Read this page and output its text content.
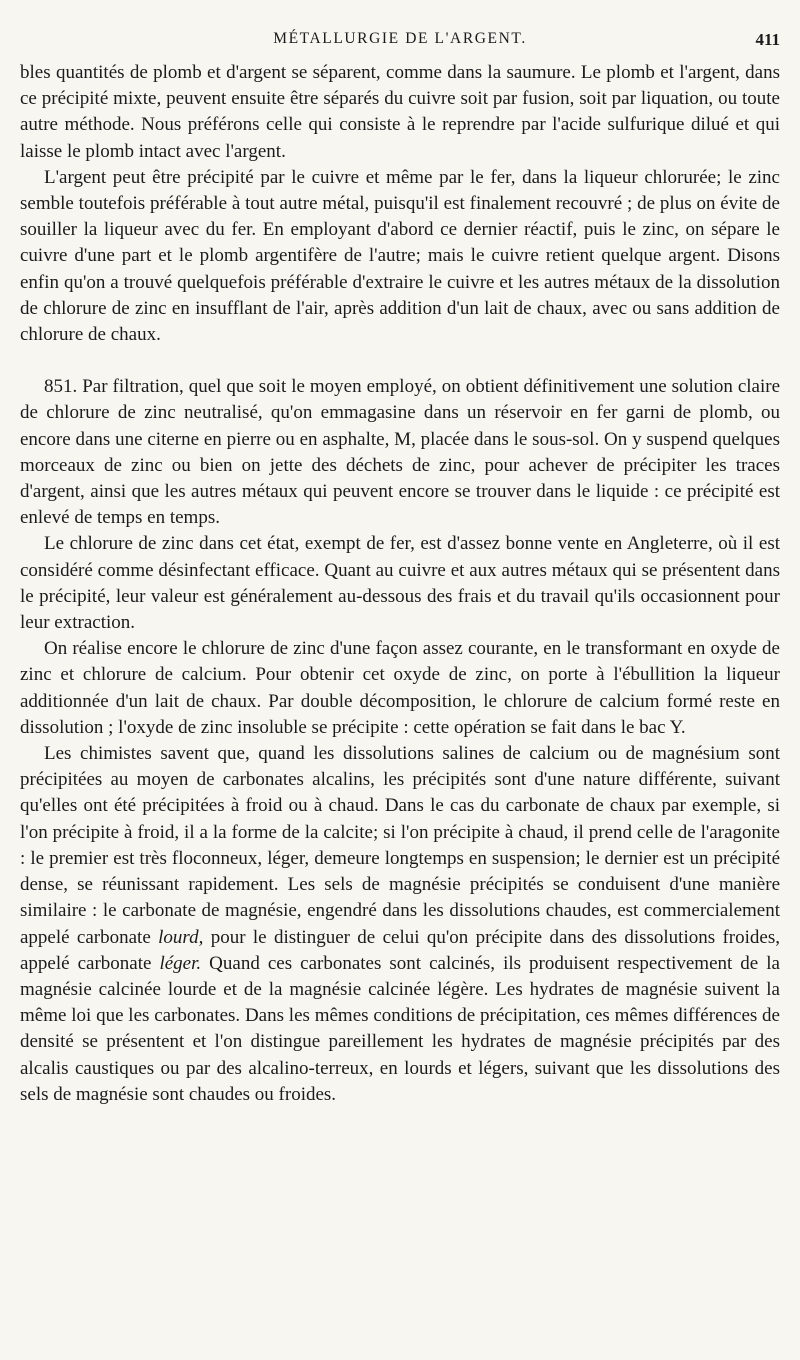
MÉTALLURGIE DE L'ARGENT.	411

bles quantités de plomb et d'argent se séparent, comme dans la saumure. Le plomb et l'argent, dans ce précipité mixte, peuvent ensuite être séparés du cuivre soit par fusion, soit par liquation, ou toute autre méthode. Nous préférons celle qui consiste à le reprendre par l'acide sulfurique dilué et qui laisse le plomb intact avec l'argent.

L'argent peut être précipité par le cuivre et même par le fer, dans la liqueur chlorurée; le zinc semble toutefois préférable à tout autre métal, puisqu'il est finalement recouvré ; de plus on évite de souiller la liqueur avec du fer. En employant d'abord ce dernier réactif, puis le zinc, on sépare le cuivre d'une part et le plomb argentifère de l'autre; mais le cuivre retient quelque argent. Disons enfin qu'on a trouvé quelquefois préférable d'extraire le cuivre et les autres métaux de la dissolution de chlorure de zinc en insufflant de l'air, après addition d'un lait de chaux, avec ou sans addition de chlorure de chaux.

851. Par filtration, quel que soit le moyen employé, on obtient définitivement une solution claire de chlorure de zinc neutralisé, qu'on emmagasine dans un réservoir en fer garni de plomb, ou encore dans une citerne en pierre ou en asphalte, M, placée dans le sous-sol. On y suspend quelques morceaux de zinc ou bien on jette des déchets de zinc, pour achever de précipiter les traces d'argent, ainsi que les autres métaux qui peuvent encore se trouver dans le liquide : ce précipité est enlevé de temps en temps.

Le chlorure de zinc dans cet état, exempt de fer, est d'assez bonne vente en Angleterre, où il est considéré comme désinfectant efficace. Quant au cuivre et aux autres métaux qui se présentent dans le précipité, leur valeur est généralement au-dessous des frais et du travail qu'ils occasionnent pour leur extraction.

On réalise encore le chlorure de zinc d'une façon assez courante, en le transformant en oxyde de zinc et chlorure de calcium. Pour obtenir cet oxyde de zinc, on porte à l'ébullition la liqueur additionnée d'un lait de chaux. Par double décomposition, le chlorure de calcium formé reste en dissolution ; l'oxyde de zinc insoluble se précipite : cette opération se fait dans le bac Y.

Les chimistes savent que, quand les dissolutions salines de calcium ou de magnésium sont précipitées au moyen de carbonates alcalins, les précipités sont d'une nature différente, suivant qu'elles ont été précipitées à froid ou à chaud. Dans le cas du carbonate de chaux par exemple, si l'on précipite à froid, il a la forme de la calcite; si l'on précipite à chaud, il prend celle de l'aragonite : le premier est très floconneux, léger, demeure longtemps en suspension; le dernier est un précipité dense, se réunissant rapidement. Les sels de magnésie précipités se conduisent d'une manière similaire : le carbonate de magnésie, engendré dans les dissolutions chaudes, est commercialement appelé carbonate lourd, pour le distinguer de celui qu'on précipite dans des dissolutions froides, appelé carbonate léger. Quand ces carbonates sont calcinés, ils produisent respectivement de la magnésie calcinée lourde et de la magnésie calcinée légère. Les hydrates de magnésie suivent la même loi que les carbonates. Dans les mêmes conditions de précipitation, ces mêmes différences de densité se présentent et l'on distingue pareillement les hydrates de magnésie précipités par des alcalis caustiques ou par des alcalino-terreux, en lourds et légers, suivant que les dissolutions des sels de magnésie sont chaudes ou froides.
